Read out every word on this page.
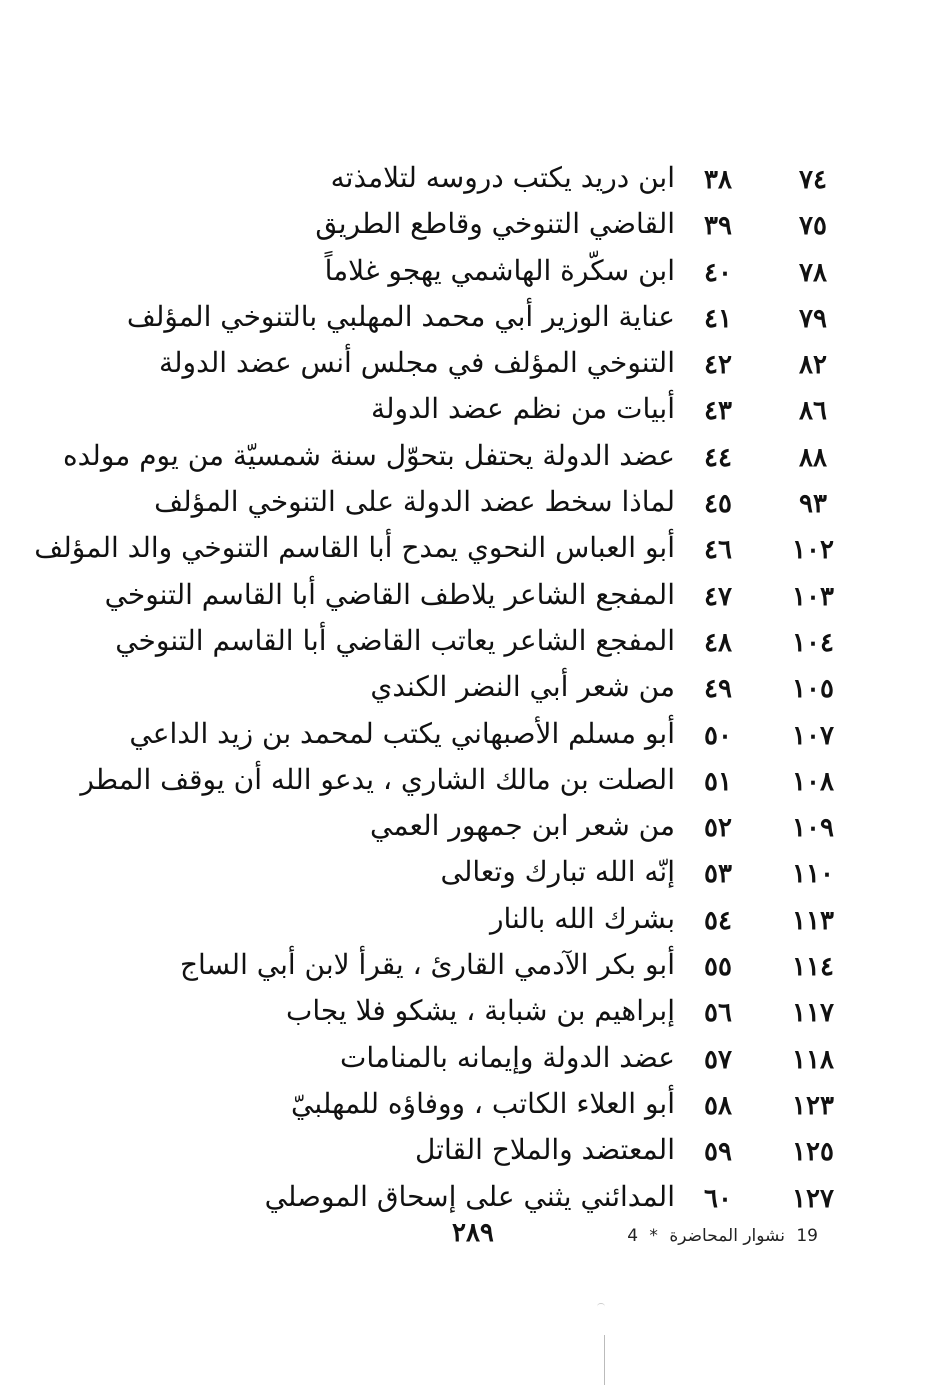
٧٤
٣٨
ابن دريد يكتب دروسه لتلامذته
٧٥
٣٩
القاضي التنوخي وقاطع الطريق
٧٨
٤٠
ابن سكّرة الهاشمي يهجو غلاماً
٧٩
٤١
عناية الوزير أبي محمد المهلبي بالتنوخي المؤلف
٨٢
٤٢
التنوخي المؤلف في مجلس أنس عضد الدولة
٨٦
٤٣
أبيات من نظم عضد الدولة
٨٨
٤٤
عضد الدولة يحتفل بتحوّل سنة شمسيّة من يوم مولده
٩٣
٤٥
لماذا سخط عضد الدولة على التنوخي المؤلف
١٠٢
٤٦
أبو العباس النحوي يمدح أبا القاسم التنوخي والد المؤلف
١٠٣
٤٧
المفجع الشاعر يلاطف القاضي أبا القاسم التنوخي
١٠٤
٤٨
المفجع الشاعر يعاتب القاضي أبا القاسم التنوخي
١٠٥
٤٩
من شعر أبي النضر الكندي
١٠٧
٥٠
أبو مسلم الأصبهاني يكتب لمحمد بن زيد الداعي
١٠٨
٥١
الصلت بن مالك الشاري ، يدعو الله أن يوقف المطر
١٠٩
٥٢
من شعر ابن جمهور العمي
١١٠
٥٣
إنّه الله تبارك وتعالى
١١٣
٥٤
بشرك الله بالنار
١١٤
٥٥
أبو بكر الآدمي القارئ ، يقرأ لابن أبي الساج
١١٧
٥٦
إبراهيم بن شبابة ، يشكو فلا يجاب
١١٨
٥٧
عضد الدولة وإيمانه بالمنامات
١٢٣
٥٨
أبو العلاء الكاتب ، ووفاؤه للمهلبيّ
١٢٥
٥٩
المعتضد والملاح القاتل
١٢٧
٦٠
المدائني يثني على إسحاق الموصلي
19 نشوار المحاضرة * 4
٢٨٩
